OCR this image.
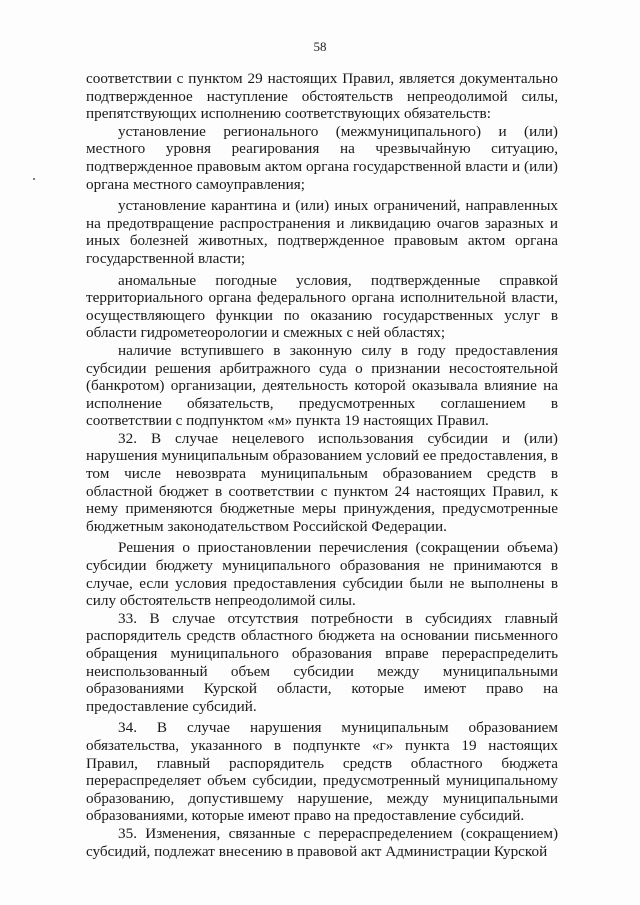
58

соответствии с пунктом 29 настоящих Правил, является документально подтвержденное наступление обстоятельств непреодолимой силы, препятствующих исполнению соответствующих обязательств:

установление регионального (межмуниципального) и (или) местного уровня реагирования на чрезвычайную ситуацию, подтвержденное правовым актом органа государственной власти и (или) органа местного самоуправления;

установление карантина и (или) иных ограничений, направленных на предотвращение распространения и ликвидацию очагов заразных и иных болезней животных, подтвержденное правовым актом органа государственной власти;

аномальные погодные условия, подтвержденные справкой территориального органа федерального органа исполнительной власти, осуществляющего функции по оказанию государственных услуг в области гидрометеорологии и смежных с ней областях;

наличие вступившего в законную силу в году предоставления субсидии решения арбитражного суда о признании несостоятельной (банкротом) организации, деятельность которой оказывала влияние на исполнение обязательств, предусмотренных соглашением в соответствии с подпунктом «м» пункта 19 настоящих Правил.

32. В случае нецелевого использования субсидии и (или) нарушения муниципальным образованием условий ее предоставления, в том числе невозврата муниципальным образованием средств в областной бюджет в соответствии с пунктом 24 настоящих Правил, к нему применяются бюджетные меры принуждения, предусмотренные бюджетным законодательством Российской Федерации.

Решения о приостановлении перечисления (сокращении объема) субсидии бюджету муниципального образования не принимаются в случае, если условия предоставления субсидии были не выполнены в силу обстоятельств непреодолимой силы.

33. В случае отсутствия потребности в субсидиях главный распорядитель средств областного бюджета на основании письменного обращения муниципального образования вправе перераспределить неиспользованный объем субсидии между муниципальными образованиями Курской области, которые имеют право на предоставление субсидий.

34. В случае нарушения муниципальным образованием обязательства, указанного в подпункте «г» пункта 19 настоящих Правил, главный распорядитель средств областного бюджета перераспределяет объем субсидии, предусмотренный муниципальному образованию, допустившему нарушение, между муниципальными образованиями, которые имеют право на предоставление субсидий.

35. Изменения, связанные с перераспределением (сокращением) субсидий, подлежат внесению в правовой акт Администрации Курской
